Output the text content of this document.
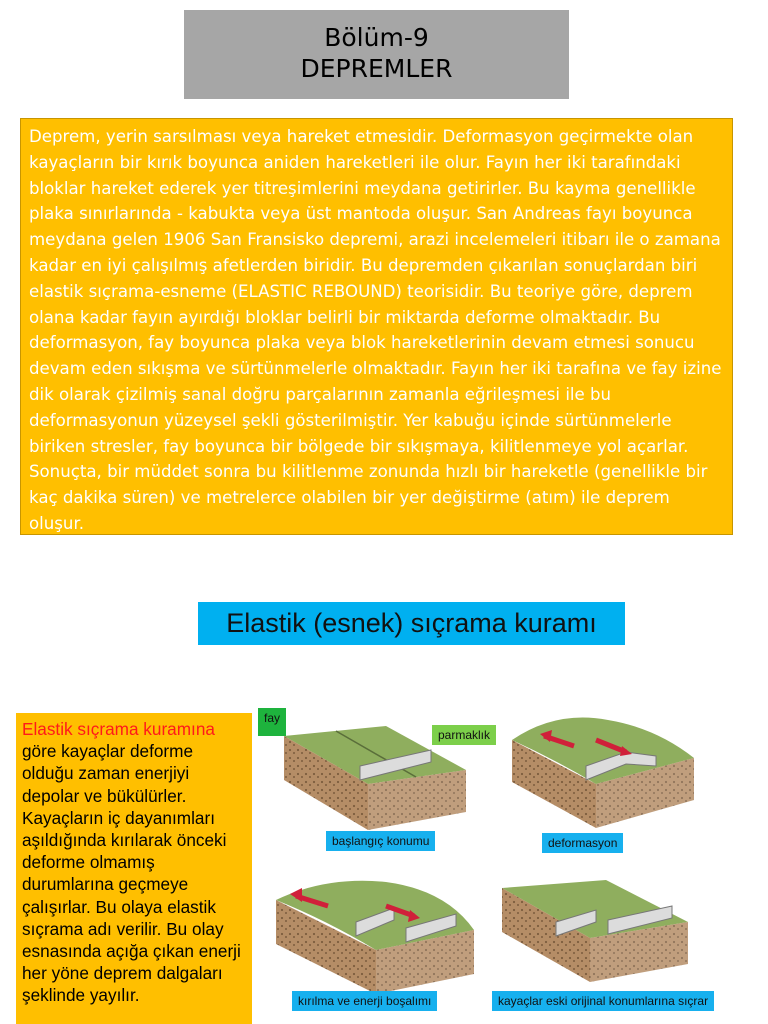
Bölüm-9
DEPREMLER

Deprem, yerin sarsılması veya hareket etmesidir. Deformasyon geçirmekte olan kayaçların bir kırık boyunca aniden hareketleri ile olur. Fayın her iki tarafındaki bloklar hareket ederek yer titreşimlerini meydana getirirler. Bu kayma genellikle plaka sınırlarında - kabukta veya üst mantoda oluşur. San Andreas fayı boyunca meydana gelen 1906 San Fransisko depremi, arazi incelemeleri itibarı ile o zamana kadar en iyi çalışılmış afetlerden biridir. Bu depremden çıkarılan sonuçlardan biri elastik sıçrama-esneme (ELASTIC REBOUND) teorisidir. Bu teoriye göre, deprem olana kadar fayın ayırdığı bloklar belirli bir miktarda deforme olmaktadır. Bu deformasyon, fay boyunca plaka veya blok hareketlerinin devam etmesi sonucu devam eden sıkışma ve sürtünmelerle olmaktadır. Fayın her iki tarafına ve fay izine dik olarak çizilmiş sanal doğru parçalarının zamanla eğrileşmesi ile bu deformasyonun yüzeysel şekli gösterilmiştir. Yer kabuğu içinde sürtünmelerle biriken stresler, fay boyunca bir bölgede bir sıkışmaya, kilitlenmeye yol açarlar. Sonuçta, bir müddet sonra bu kilitlenme zonunda hızlı bir hareketle (genellikle bir kaç dakika süren) ve metrelerce olabilen bir yer değiştirme (atım) ile deprem oluşur.

Elastik (esnek) sıçrama kuramı
Elastik sıçrama kuramına göre kayaçlar deforme olduğu zaman enerjiyi depolar ve bükülürler. Kayaçların iç dayanımları aşıldığında kırılarak önceki deforme olmamış durumlarına geçmeye çalışırlar. Bu olaya elastik sıçrama adı verilir. Bu olay esnasında açığa çıkan enerji her yöne deprem dalgaları şeklinde yayılır.
fay
parmaklık
başlangıç konumu	deformasyon
kırılma ve enerji boşalımı	kayaçlar eski orijinal konumlarına sıçrar
